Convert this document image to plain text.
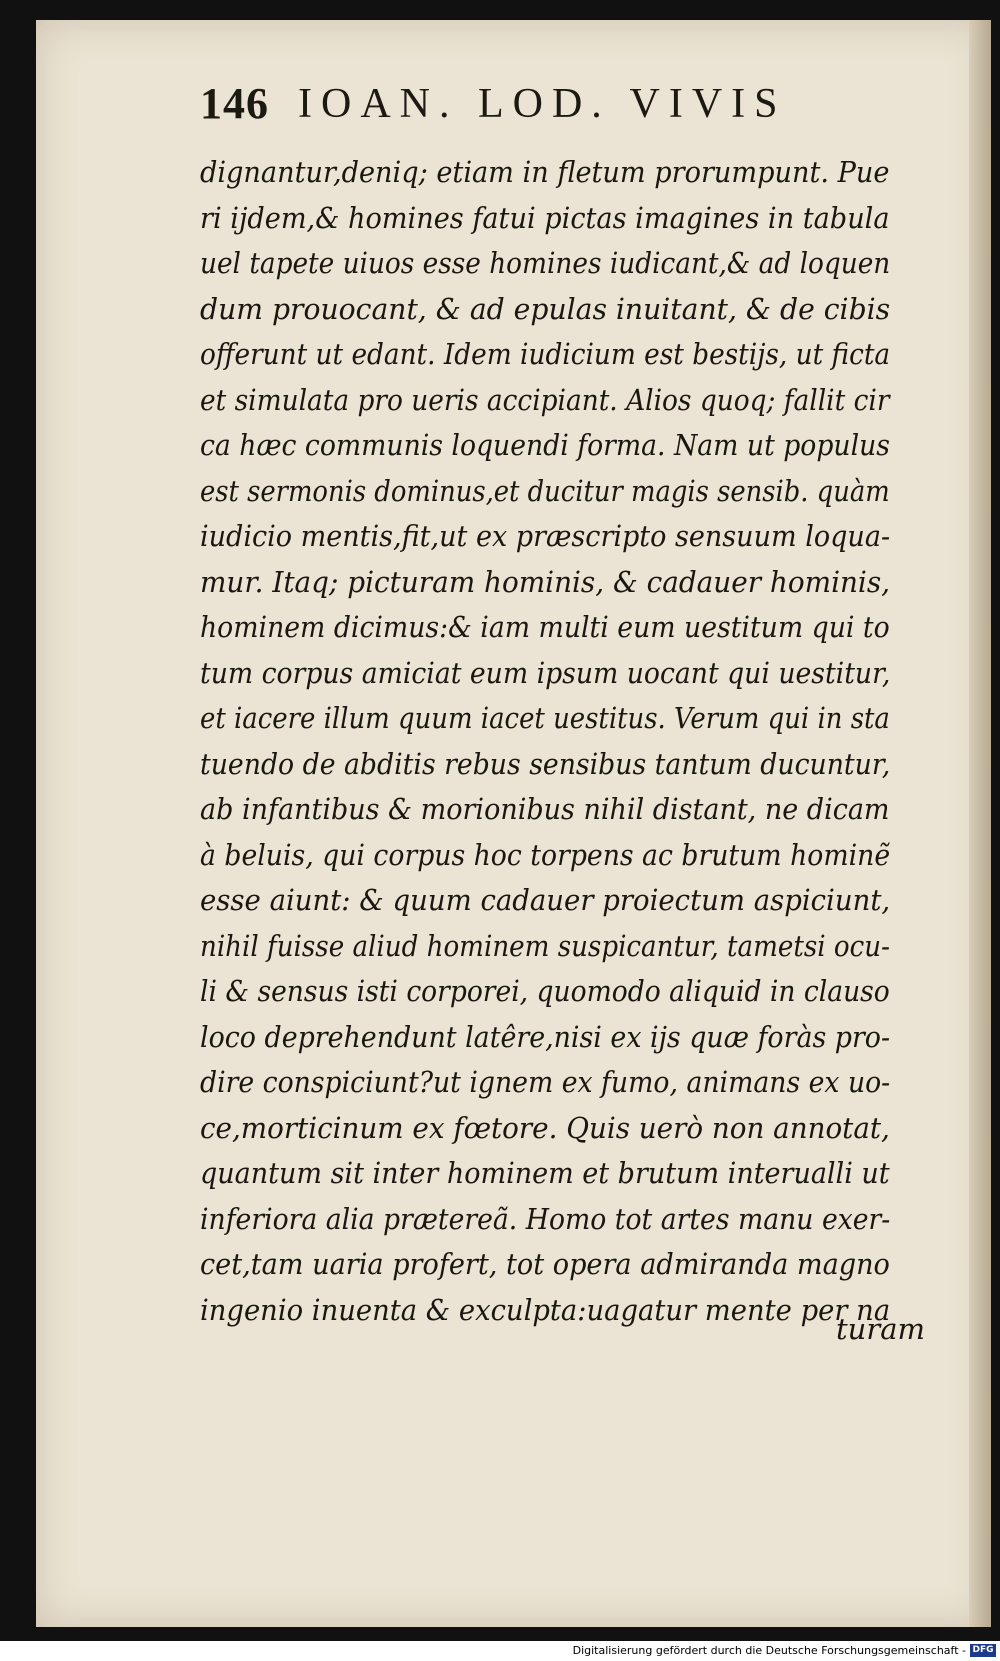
146 IOAN. LOD. VIVIS
dignantur,deniq; etiam in fletum prorumpunt. Pue
ri ijdem,& homines fatui pictas imagines in tabula
uel tapete uiuos esse homines iudicant,& ad loquen
dum prouocant, & ad epulas inuitant, & de cibis
offerunt ut edant. Idem iudicium est bestijs, ut ficta
et simulata pro ueris accipiant. Alios quoq; fallit cir
ca hæc communis loquendi forma. Nam ut populus
est sermonis dominus,et ducitur magis sensib. quàm
iudicio mentis,fit,ut ex præscripto sensuum loqua-
mur. Itaq; picturam hominis, & cadauer hominis,
hominem dicimus:& iam multi eum uestitum qui to
tum corpus amiciat eum ipsum uocant qui uestitur,
et iacere illum quum iacet uestitus. Verum qui in sta
tuendo de abditis rebus sensibus tantum ducuntur,
ab infantibus & morionibus nihil distant, ne dicam
à beluis, qui corpus hoc torpens ac brutum hominẽ
esse aiunt: & quum cadauer proiectum aspiciunt,
nihil fuisse aliud hominem suspicantur, tametsi ocu-
li & sensus isti corporei, quomodo aliquid in clauso
loco deprehendunt latêre,nisi ex ijs quæ foràs pro-
dire conspiciunt?ut ignem ex fumo, animans ex uo-
ce,morticinum ex fœtore. Quis uerò non annotat,
quantum sit inter hominem et brutum interualli ut
inferiora alia prætereã. Homo tot artes manu exer-
cet,tam uaria profert, tot opera admiranda magno
ingenio inuenta & exculpta:uagatur mente per na
turam
Digitalisierung gefördert durch die Deutsche Forschungsgemeinschaft - DFG
